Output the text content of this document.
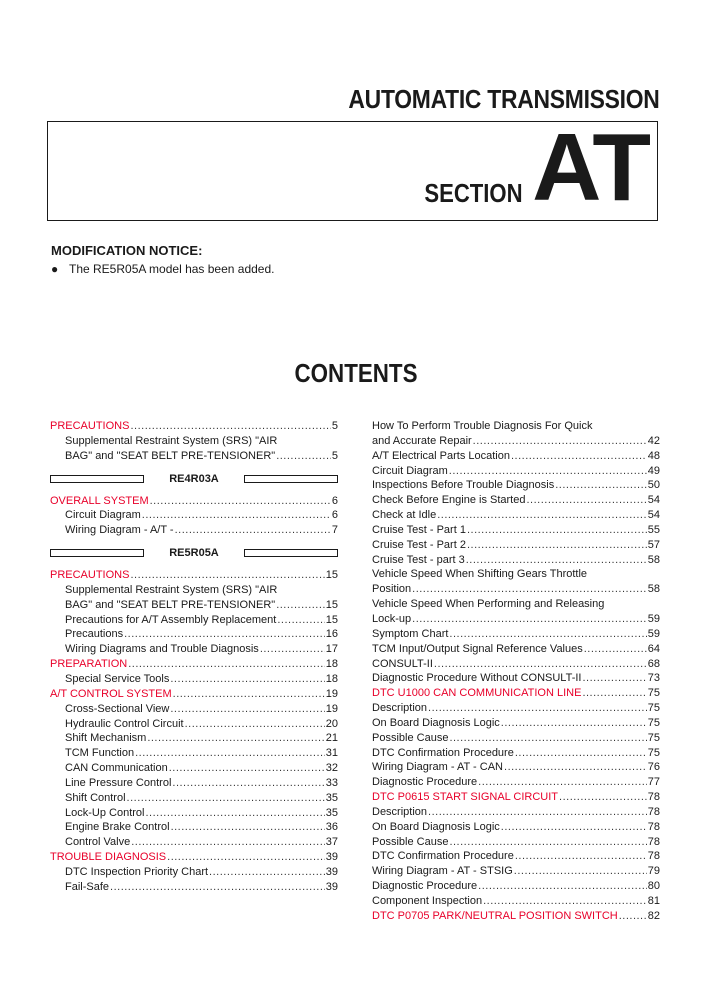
AUTOMATIC TRANSMISSION
SECTION AT
MODIFICATION NOTICE:
● The RE5R05A model has been added.
CONTENTS
PRECAUTIONS .....	5
Supplemental Restraint System (SRS) "AIR
BAG" and "SEAT BELT PRE-TENSIONER" .....	5
RE4R03A
OVERALL SYSTEM .....	6
Circuit Diagram .....	6
Wiring Diagram - A/T - .....	7
RE5R05A
PRECAUTIONS .....	15
Supplemental Restraint System (SRS) "AIR
BAG" and "SEAT BELT PRE-TENSIONER" .....	15
Precautions for A/T Assembly Replacement .....	15
Precautions .....	16
Wiring Diagrams and Trouble Diagnosis .....	17
PREPARATION .....	18
Special Service Tools .....	18
A/T CONTROL SYSTEM .....	19
Cross-Sectional View .....	19
Hydraulic Control Circuit .....	20
Shift Mechanism .....	21
TCM Function .....	31
CAN Communication .....	32
Line Pressure Control .....	33
Shift Control .....	35
Lock-Up Control .....	35
Engine Brake Control .....	36
Control Valve .....	37
TROUBLE DIAGNOSIS .....	39
DTC Inspection Priority Chart .....	39
Fail-Safe .....	39
How To Perform Trouble Diagnosis For Quick
and Accurate Repair .....	42
A/T Electrical Parts Location .....	48
Circuit Diagram .....	49
Inspections Before Trouble Diagnosis .....	50
Check Before Engine is Started .....	54
Check at Idle .....	54
Cruise Test - Part 1 .....	55
Cruise Test - Part 2 .....	57
Cruise Test - part 3 .....	58
Vehicle Speed When Shifting Gears Throttle
Position .....	58
Vehicle Speed When Performing and Releasing
Lock-up .....	59
Symptom Chart .....	59
TCM Input/Output Signal Reference Values .....	64
CONSULT-II .....	68
Diagnostic Procedure Without CONSULT-II .....	73
DTC U1000 CAN COMMUNICATION LINE .....	75
Description .....	75
On Board Diagnosis Logic .....	75
Possible Cause .....	75
DTC Confirmation Procedure .....	75
Wiring Diagram - AT - CAN .....	76
Diagnostic Procedure .....	77
DTC P0615 START SIGNAL CIRCUIT .....	78
Description .....	78
On Board Diagnosis Logic .....	78
Possible Cause .....	78
DTC Confirmation Procedure .....	78
Wiring Diagram - AT - STSIG .....	79
Diagnostic Procedure .....	80
Component Inspection .....	81
DTC P0705 PARK/NEUTRAL POSITION SWITCH .....	82
